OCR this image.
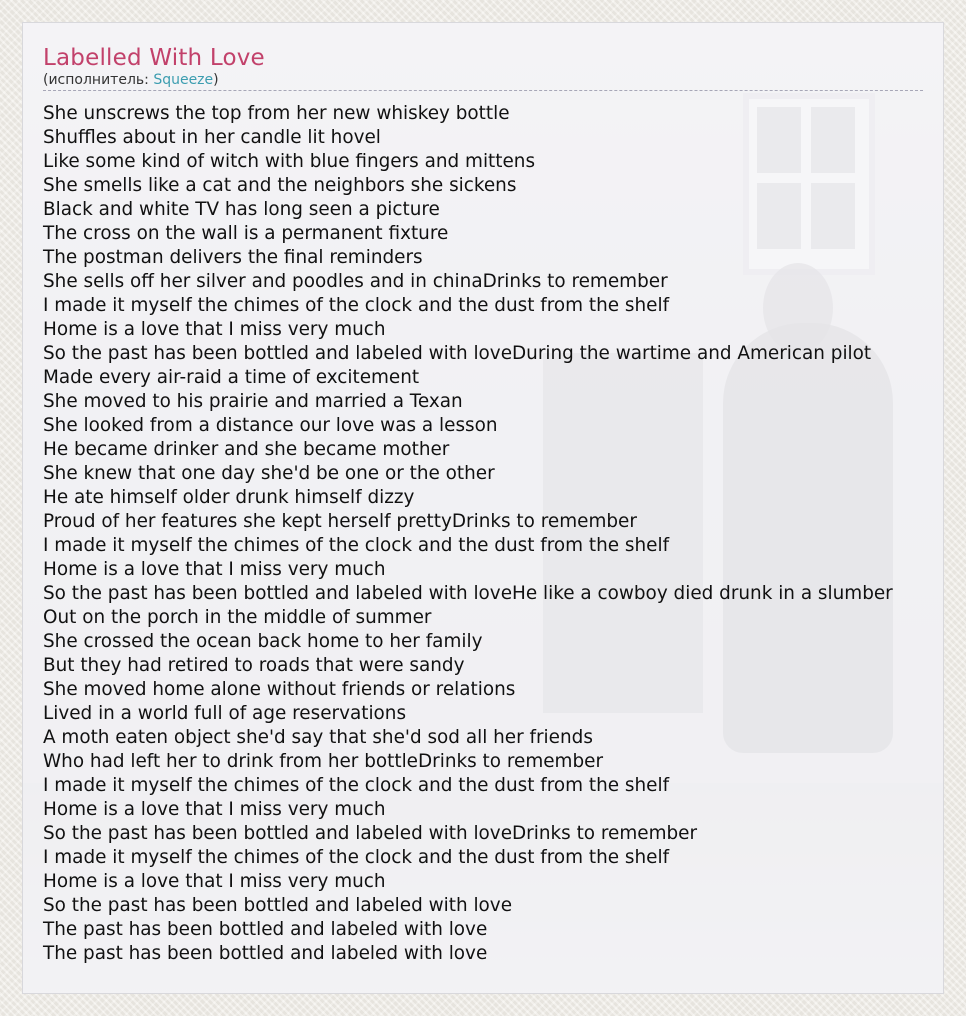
Labelled With Love

(исполнитель: Squeeze)

She unscrews the top from her new whiskey bottle
Shuffles about in her candle lit hovel
Like some kind of witch with blue fingers and mittens
She smells like a cat and the neighbors she sickens
Black and white TV has long seen a picture
The cross on the wall is a permanent fixture
The postman delivers the final reminders
She sells off her silver and poodles and in chinaDrinks to remember
I made it myself the chimes of the clock and the dust from the shelf
Home is a love that I miss very much
So the past has been bottled and labeled with loveDuring the wartime and American pilot
Made every air-raid a time of excitement
She moved to his prairie and married a Texan
She looked from a distance our love was a lesson
He became drinker and she became mother
She knew that one day she'd be one or the other
He ate himself older drunk himself dizzy
Proud of her features she kept herself prettyDrinks to remember
I made it myself the chimes of the clock and the dust from the shelf
Home is a love that I miss very much
So the past has been bottled and labeled with loveHe like a cowboy died drunk in a slumber
Out on the porch in the middle of summer
She crossed the ocean back home to her family
But they had retired to roads that were sandy
She moved home alone without friends or relations
Lived in a world full of age reservations
A moth eaten object she'd say that she'd sod all her friends
Who had left her to drink from her bottleDrinks to remember
I made it myself the chimes of the clock and the dust from the shelf
Home is a love that I miss very much
So the past has been bottled and labeled with loveDrinks to remember
I made it myself the chimes of the clock and the dust from the shelf
Home is a love that I miss very much
So the past has been bottled and labeled with love
The past has been bottled and labeled with love
The past has been bottled and labeled with love
